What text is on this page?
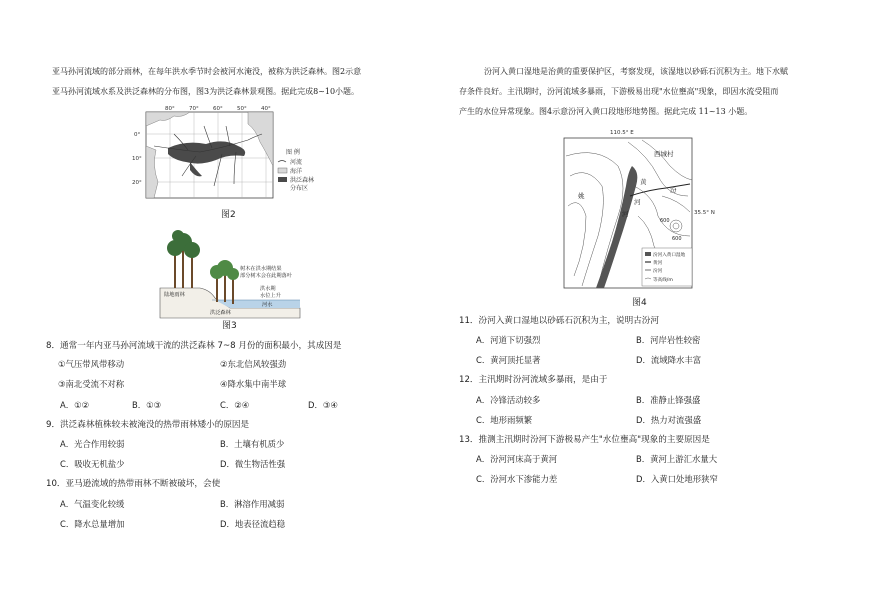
亚马孙河流域的部分雨林，在每年洪水季节时会被河水淹没，被称为洪泛森林。图2示意
亚马孙河流域水系及洪泛森林的分布图，图3为洪泛森林景观图。据此完成8~10小题。
80°	70°	60°	50°	40°
0°
10°
20°
图 例
河流
海洋
洪泛森林
分布区
图2
树木在洪水期结果
部分树木会在此期落叶
陆地雨林
洪泛森林
洪水期
水位上升
河水
图3
8．通常一年内亚马孙河流域干流的洪泛森林 7~8 月份的面积最小，其成因是
①气压带风带移动	②东北信风较强劲
③南北受流不对称	④降水集中南半球
A．①②	B．①③	C．②④	D．③④
9．洪泛森林植株较未被淹没的热带雨林矮小的原因是
A．光合作用较弱	B．土壤有机质少
C．吸收无机盐少	D．微生物活性强
10．亚马逊流域的热带雨林不断被破坏，会使
A．气温变化较缓	B．淋溶作用减弱
C．降水总量增加	D．地表径流趋稳
汾河入黄口湿地是治黄的重要保护区，考察发现，该湿地以砂砾石沉积为主。地下水赋
存条件良好。主汛期时，汾河流域多暴雨，下游极易出现"水位壅高"现象，即因水流受阻而
产生的水位异常现象。图4示意汾河入黄口段地形地势图。据此完成 11~13 小题。
110.5° E
西城村
黄
汾
河
河
姚
600
600
35.5° N
汾河入黄口湿地
黄河
汾河
等高线/m
图4
11．汾河入黄口湿地以砂砾石沉积为主，说明古汾河
A．河道下切强烈	B．河岸岩性较密
C．黄河顶托显著	D．流域降水丰富
12．主汛期时汾河流域多暴雨，是由于
A．冷锋活动较多	B．准静止锋强盛
C．地形雨频繁	D．热力对流强盛
13．推测主汛期时汾河下游极易产生"水位壅高"现象的主要原因是
A．汾河河床高于黄河	B．黄河上游汇水量大
C．汾河水下渗能力差	D．入黄口处地形狭窄
